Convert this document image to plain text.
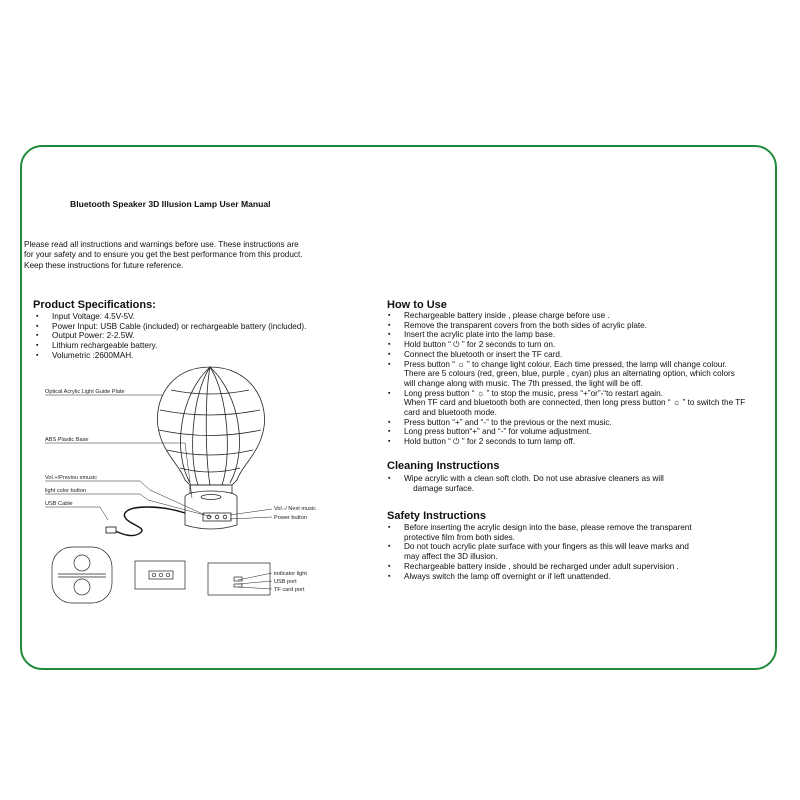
Bluetooth Speaker 3D Illusion Lamp User Manual
Please read all instructions and warnings before use. These instructions are
for your safety and to ensure you get the best performance from this product.
Keep these instructions for future reference.
Product Specifications:
▪ Input Voltage: 4.5V-5V.
▪ Power Input: USB Cable (included) or rechargeable battery (included).
▪ Output Power: 2-2.5W.
▪ Lithium rechargeable battery.
▪ Volumetric :2600MAH.
Optical Acrylic Light Guide Plate
ABS Plastic Base
Vol.+/Previou smusic
light color button
USB Cable
Vol.-/ Next music
Power button
indicator light
USB port
TF card port
How to Use
▪ Rechargeable battery inside , please charge before use .
▪ Remove the transparent covers from the both sides of acrylic plate.
▪ Insert the acrylic plate into the lamp base.
▪ Hold button “ ⏻ ” for 2 seconds to turn on.
▪ Connect the bluetooth or insert the TF card.
▪ Press button “ ☼ ” to change light colour. Each time pressed, the lamp will change colour.
There are 5 colours (red, green, blue, purple , cyan) plus an alternating option, which colors
will change along with music. The 7th pressed, the light will be off.
▪ Long press button “ ☼ ” to stop the music, press “+”or”-“to restart again.
When TF card and bluetooth both are connected, then long press button “ ☼ ” to switch the TF
card and bluetooth mode.
▪ Press button “+” and “-” to the previous or the next music.
▪ Long press button“+” and “-” for volume adjustment.
▪ Hold button “ ⏻ ” for 2 seconds to turn lamp off.
Cleaning Instructions
▪ Wipe acrylic with a clean soft cloth. Do not use abrasive cleaners as will
damage surface.
Safety Instructions
▪ Before inserting the acrylic design into the base, please remove the transparent
protective film from both sides.
▪ Do not touch acrylic plate surface with your fingers as this will leave marks and
may affect the 3D illusion.
▪ Rechargeable battery inside , should be recharged under adult supervision .
▪ Always switch the lamp off overnight or if left unattended.
